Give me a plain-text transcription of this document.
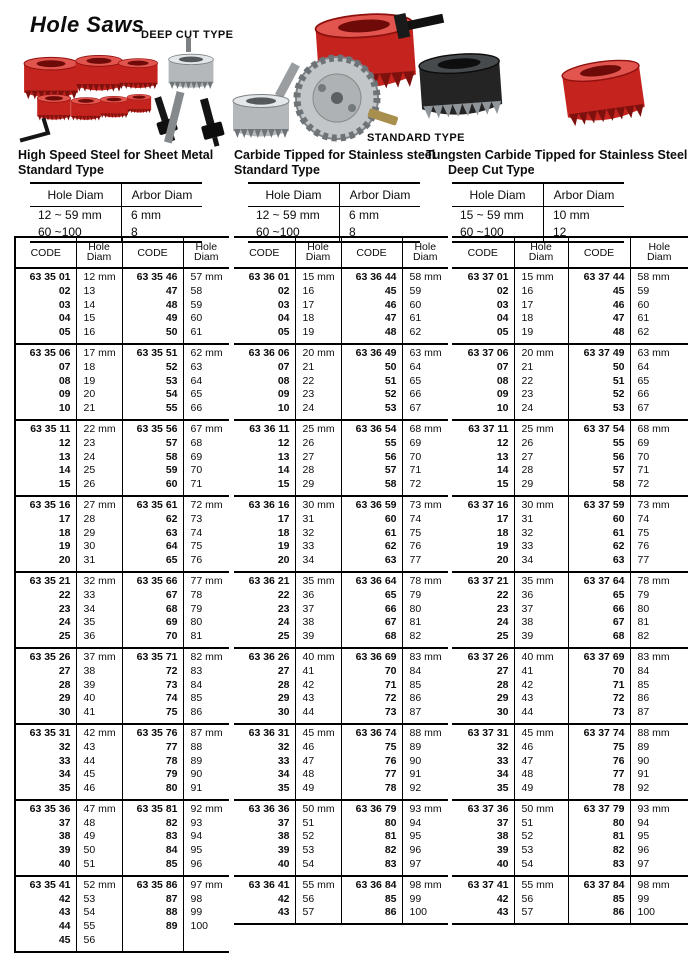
Hole Saws
DEEP CUT TYPE
STANDARD TYPE
High Speed Steel for Sheet Metal
Standard Type
Hole Diam	Arbor Diam
12 ~ 59 mm	6 mm
60 ~100	8
Carbide Tipped for Stainless steel
Standard Type
Hole Diam	Arbor Diam
12 ~ 59 mm	6 mm
60 ~100	8
Tungsten Carbide Tipped for Stainless Steel
Deep Cut Type
Hole Diam	Arbor Diam
15 ~ 59 mm	10 mm
60 ~100	12
CODE	Hole Diam	CODE	Hole Diam
63 35 01	12 mm	63 35 46	57 mm
02	13	47	58
03	14	48	59
04	15	49	60
05	16	50	61
63 35 06	17 mm	63 35 51	62 mm
07	18	52	63
08	19	53	64
09	20	54	65
10	21	55	66
63 35 11	22 mm	63 35 56	67 mm
12	23	57	68
13	24	58	69
14	25	59	70
15	26	60	71
63 35 16	27 mm	63 35 61	72 mm
17	28	62	73
18	29	63	74
19	30	64	75
20	31	65	76
63 35 21	32 mm	63 35 66	77 mm
22	33	67	78
23	34	68	79
24	35	69	80
25	36	70	81
63 35 26	37 mm	63 35 71	82 mm
27	38	72	83
28	39	73	84
29	40	74	85
30	41	75	86
63 35 31	42 mm	63 35 76	87 mm
32	43	77	88
33	44	78	89
34	45	79	90
35	46	80	91
63 35 36	47 mm	63 35 81	92 mm
37	48	82	93
38	49	83	94
39	50	84	95
40	51	85	96
63 35 41	52 mm	63 35 86	97 mm
42	53	87	98
43	54	88	99
44	55	89	100
45	56		
CODE	Hole Diam	CODE	Hole Diam
63 36 01	15 mm	63 36 44	58 mm
02	16	45	59
03	17	46	60
04	18	47	61
05	19	48	62
63 36 06	20 mm	63 36 49	63 mm
07	21	50	64
08	22	51	65
09	23	52	66
10	24	53	67
63 36 11	25 mm	63 36 54	68 mm
12	26	55	69
13	27	56	70
14	28	57	71
15	29	58	72
63 36 16	30 mm	63 36 59	73 mm
17	31	60	74
18	32	61	75
19	33	62	76
20	34	63	77
63 36 21	35 mm	63 36 64	78 mm
22	36	65	79
23	37	66	80
24	38	67	81
25	39	68	82
63 36 26	40 mm	63 36 69	83 mm
27	41	70	84
28	42	71	85
29	43	72	86
30	44	73	87
63 36 31	45 mm	63 36 74	88 mm
32	46	75	89
33	47	76	90
34	48	77	91
35	49	78	92
63 36 36	50 mm	63 36 79	93 mm
37	51	80	94
38	52	81	95
39	53	82	96
40	54	83	97
63 36 41	55 mm	63 36 84	98 mm
42	56	85	99
43	57	86	100
CODE	Hole Diam	CODE	Hole Diam
63 37 01	15 mm	63 37 44	58 mm
02	16	45	59
03	17	46	60
04	18	47	61
05	19	48	62
63 37 06	20 mm	63 37 49	63 mm
07	21	50	64
08	22	51	65
09	23	52	66
10	24	53	67
63 37 11	25 mm	63 37 54	68 mm
12	26	55	69
13	27	56	70
14	28	57	71
15	29	58	72
63 37 16	30 mm	63 37 59	73 mm
17	31	60	74
18	32	61	75
19	33	62	76
20	34	63	77
63 37 21	35 mm	63 37 64	78 mm
22	36	65	79
23	37	66	80
24	38	67	81
25	39	68	82
63 37 26	40 mm	63 37 69	83 mm
27	41	70	84
28	42	71	85
29	43	72	86
30	44	73	87
63 37 31	45 mm	63 37 74	88 mm
32	46	75	89
33	47	76	90
34	48	77	91
35	49	78	92
63 37 36	50 mm	63 37 79	93 mm
37	51	80	94
38	52	81	95
39	53	82	96
40	54	83	97
63 37 41	55 mm	63 37 84	98 mm
42	56	85	99
43	57	86	100
